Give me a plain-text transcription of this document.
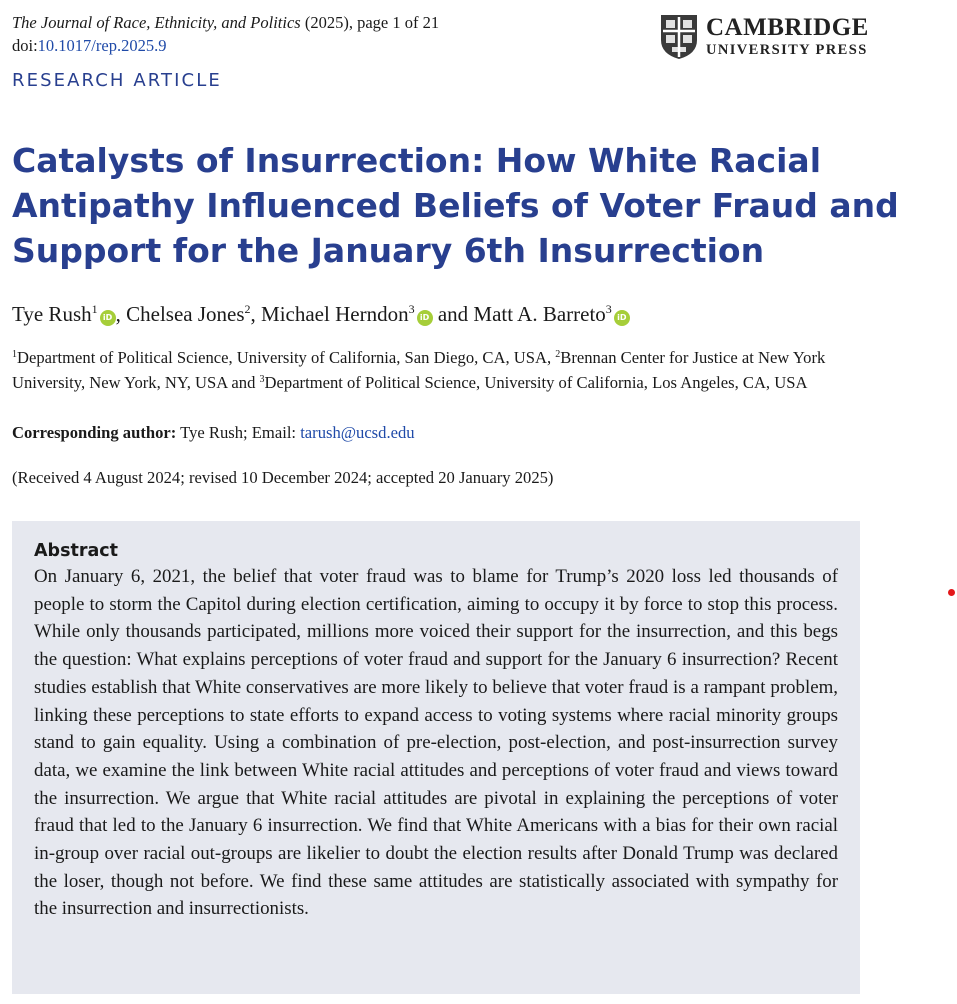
The Journal of Race, Ethnicity, and Politics (2025), page 1 of 21
doi:10.1017/rep.2025.9
CAMBRIDGE
UNIVERSITY PRESS
RESEARCH ARTICLE
Catalysts of Insurrection: How White Racial Antipathy Influenced Beliefs of Voter Fraud and Support for the January 6th Insurrection
Tye Rush$^1$iD , Chelsea Jones$^2$, Michael Herndon$^3$iD and Matt A. Barreto$^3$iD
$^1$Department of Political Science, University of California, San Diego, CA, USA, $^2$Brennan Center for Justice at New York University, New York, NY, USA and $^3$Department of Political Science, University of California, Los Angeles, CA, USA
Corresponding author: Tye Rush; Email: tarush@ucsd.edu
(Received 4 August 2024; revised 10 December 2024; accepted 20 January 2025)
Abstract

On January 6, 2021, the belief that voter fraud was to blame for Trump’s 2020 loss led thousands of people to storm the Capitol during election certification, aiming to occupy it by force to stop this process. While only thousands participated, millions more voiced their support for the insurrection, and this begs the question: What explains perceptions of voter fraud and support for the January 6 insurrection? Recent studies establish that White conservatives are more likely to believe that voter fraud is a rampant problem, linking these perceptions to state efforts to expand access to voting systems where racial minority groups stand to gain equality. Using a combination of pre-election, post-election, and post-insurrection survey data, we examine the link between White racial attitudes and perceptions of voter fraud and views toward the insurrection. We argue that White racial attitudes are pivotal in explaining the perceptions of voter fraud that led to the January 6 insurrection. We find that White Americans with a bias for their own racial in-group over racial out-groups are likelier to doubt the election results after Donald Trump was declared the loser, though not before. We find these same attitudes are statistically associated with sympathy for the insurrection and insurrectionists.
